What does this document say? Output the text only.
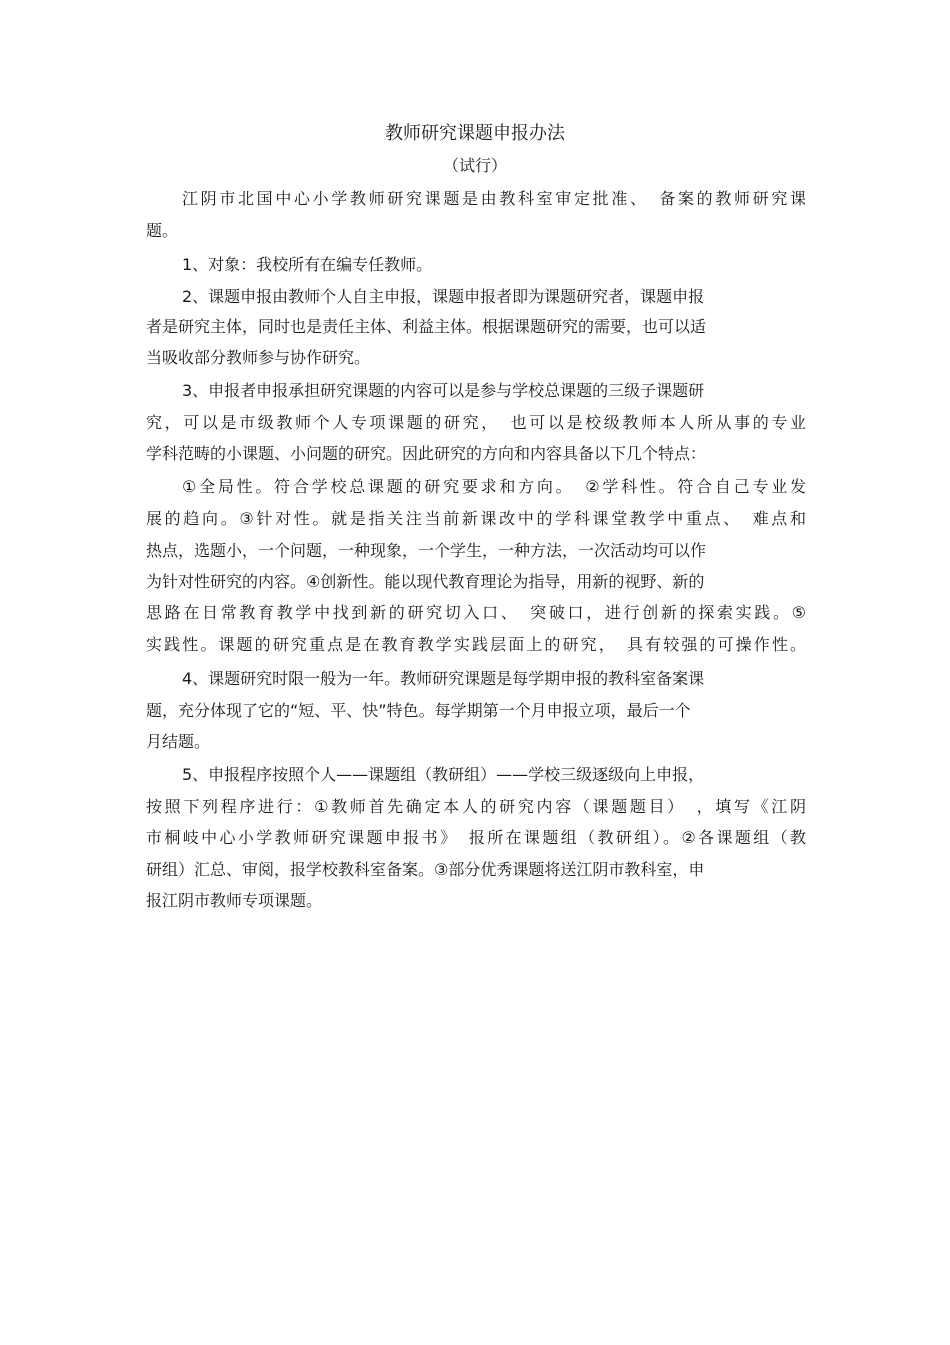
教师研究课题申报办法
（试行）
江阴市北国中心小学教师研究课题是由教科室审定批准、　备案的教师研究课
题。
1、对象：我校所有在编专任教师。
2、课题申报由教师个人自主申报，课题申报者即为课题研究者，课题申报
者是研究主体，同时也是责任主体、利益主体。根据课题研究的需要，也可以适
当吸收部分教师参与协作研究。
3、申报者申报承担研究课题的内容可以是参与学校总课题的三级子课题研
究，可以是市级教师个人专项课题的研究，　也可以是校级教师本人所从事的专业
学科范畴的小课题、小问题的研究。因此研究的方向和内容具备以下几个特点：
①全局性。符合学校总课题的研究要求和方向。　②学科性。符合自己专业发
展的趋向。③针对性。就是指关注当前新课改中的学科课堂教学中重点、　难点和
热点，选题小，一个问题，一种现象，一个学生，一种方法，一次活动均可以作
为针对性研究的内容。④创新性。能以现代教育理论为指导，用新的视野、新的
思路在日常教育教学中找到新的研究切入口、　突破口，进行创新的探索实践。⑤
实践性。课题的研究重点是在教育教学实践层面上的研究，　具有较强的可操作性。
4、课题研究时限一般为一年。教师研究课题是每学期申报的教科室备案课
题，充分体现了它的“短、平、快”特色。每学期第一个月申报立项，最后一个
月结题。
5、申报程序按照个人——课题组（教研组）——学校三级逐级向上申报，
按照下列程序进行：①教师首先确定本人的研究内容（课题题目）　，填写《江阴
市桐岐中心小学教师研究课题申报书》　报所在课题组（教研组）。②各课题组（教
研组）汇总、审阅，报学校教科室备案。③部分优秀课题将送江阴市教科室，申
报江阴市教师专项课题。
